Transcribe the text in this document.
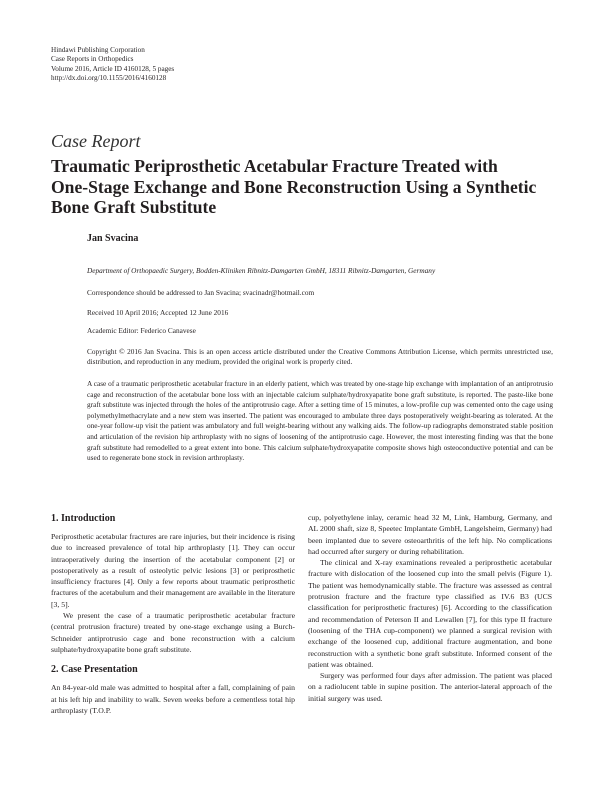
Hindawi Publishing Corporation
Case Reports in Orthopedics
Volume 2016, Article ID 4160128, 5 pages
http://dx.doi.org/10.1155/2016/4160128
Case Report
Traumatic Periprosthetic Acetabular Fracture Treated with
One-Stage Exchange and Bone Reconstruction Using a Synthetic
Bone Graft Substitute
Jan Svacina
Department of Orthopaedic Surgery, Bodden-Kliniken Ribnitz-Damgarten GmbH, 18311 Ribnitz-Damgarten, Germany
Correspondence should be addressed to Jan Svacina; svacinadr@hotmail.com
Received 10 April 2016; Accepted 12 June 2016
Academic Editor: Federico Canavese
Copyright © 2016 Jan Svacina. This is an open access article distributed under the Creative Commons Attribution License, which permits unrestricted use, distribution, and reproduction in any medium, provided the original work is properly cited.
A case of a traumatic periprosthetic acetabular fracture in an elderly patient, which was treated by one-stage hip exchange with implantation of an antiprotrusio cage and reconstruction of the acetabular bone loss with an injectable calcium sulphate/hydroxyapatite bone graft substitute, is reported. The paste-like bone graft substitute was injected through the holes of the antiprotrusio cage. After a setting time of 15 minutes, a low-profile cup was cemented onto the cage using polymethylmethacrylate and a new stem was inserted. The patient was encouraged to ambulate three days postoperatively weight-bearing as tolerated. At the one-year follow-up visit the patient was ambulatory and full weight-bearing without any walking aids. The follow-up radiographs demonstrated stable position and articulation of the revision hip arthroplasty with no signs of loosening of the antiprotrusio cage. However, the most interesting finding was that the bone graft substitute had remodelled to a great extent into bone. This calcium sulphate/hydroxyapatite composite shows high osteoconductive potential and can be used to regenerate bone stock in revision arthroplasty.
1. Introduction

Periprosthetic acetabular fractures are rare injuries, but their incidence is rising due to increased prevalence of total hip arthroplasty [1]. They can occur intraoperatively during the insertion of the acetabular component [2] or postoperatively as a result of osteolytic pelvic lesions [3] or periprosthetic insufficiency fractures [4]. Only a few reports about traumatic periprosthetic fractures of the acetabulum and their management are available in the literature [3, 5].

We present the case of a traumatic periprosthetic acetabular fracture (central protrusion fracture) treated by one-stage exchange using a Burch-Schneider antiprotrusio cage and bone reconstruction with a calcium sulphate/hydroxyapatite bone graft substitute.

2. Case Presentation

An 84-year-old male was admitted to hospital after a fall, complaining of pain at his left hip and inability to walk. Seven weeks before a cementless total hip arthroplasty (T.O.P.

cup, polyethylene inlay, ceramic head 32 M, Link, Hamburg, Germany, and AL 2000 shaft, size 8, Speetec Implantate GmbH, Langelsheim, Germany) had been implanted due to severe osteoarthritis of the left hip. No complications had occurred after surgery or during rehabilitation.

The clinical and X-ray examinations revealed a periprosthetic acetabular fracture with dislocation of the loosened cup into the small pelvis (Figure 1). The patient was hemodynamically stable. The fracture was assessed as central protrusion fracture and the fracture type classified as IV.6 B3 (UCS classification for periprosthetic fractures) [6]. According to the classification and recommendation of Peterson II and Lewallen [7], for this type II fracture (loosening of the THA cup-component) we planned a surgical revision with exchange of the loosened cup, additional fracture augmentation, and bone reconstruction with a synthetic bone graft substitute. Informed consent of the patient was obtained.

Surgery was performed four days after admission. The patient was placed on a radiolucent table in supine position. The anterior-lateral approach of the initial surgery was used.
